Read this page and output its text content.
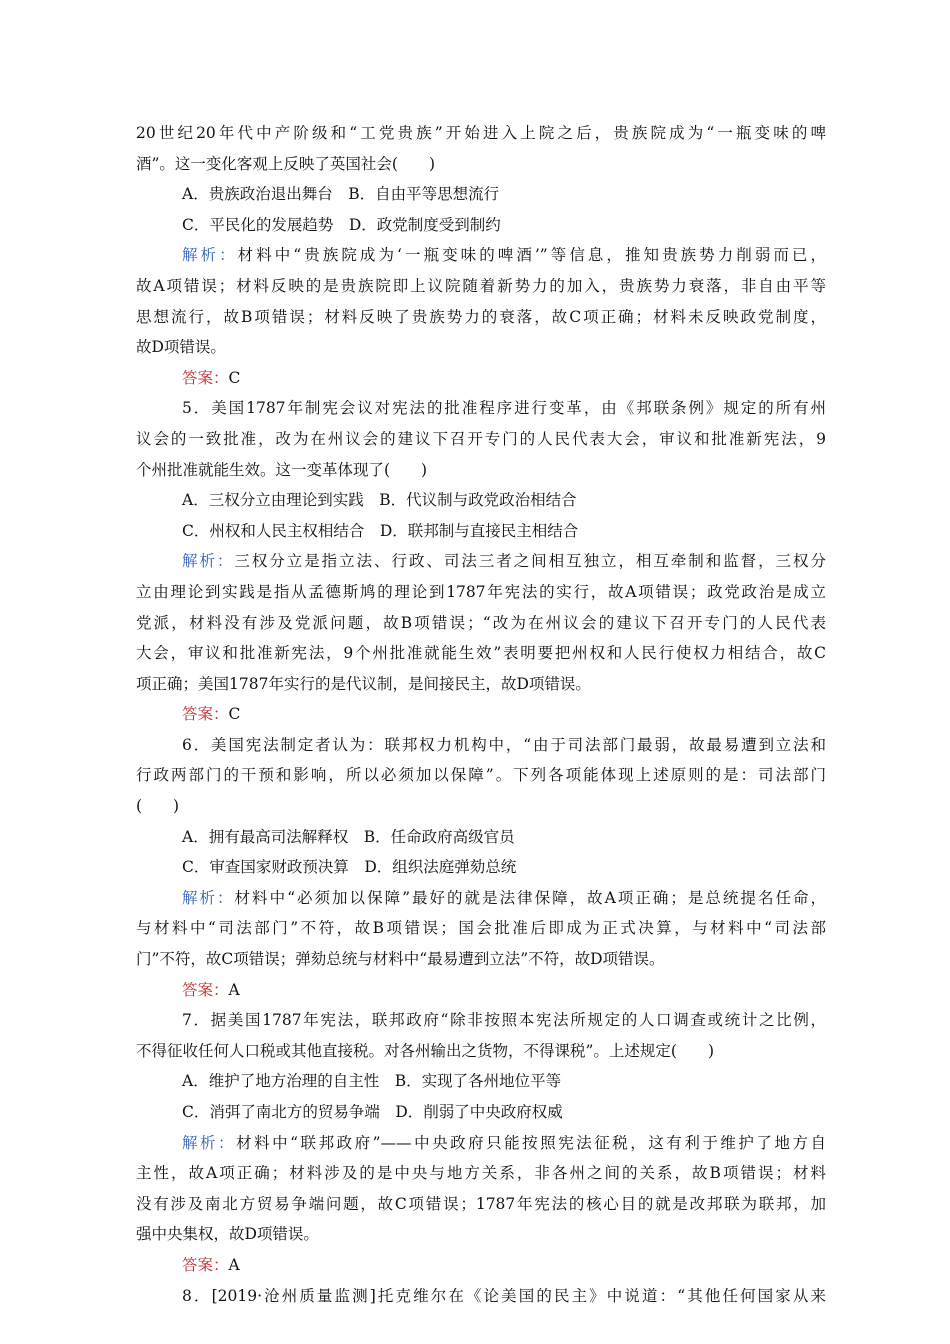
20世纪20年代中产阶级和“工党贵族”开始进入上院之后，贵族院成为“一瓶变味的啤
酒”。这一变化客观上反映了英国社会(　　)
A．贵族政治退出舞台　B．自由平等思想流行
C．平民化的发展趋势　D．政党制度受到制约
解析：材料中“贵族院成为‘一瓶变味的啤酒’”等信息，推知贵族势力削弱而已，
故A项错误；材料反映的是贵族院即上议院随着新势力的加入，贵族势力衰落，非自由平等
思想流行，故B项错误；材料反映了贵族势力的衰落，故C项正确；材料未反映政党制度，
故D项错误。
答案：C
5．美国1787年制宪会议对宪法的批准程序进行变革，由《邦联条例》规定的所有州
议会的一致批准，改为在州议会的建议下召开专门的人民代表大会，审议和批准新宪法，9
个州批准就能生效。这一变革体现了(　　)
A．三权分立由理论到实践　B．代议制与政党政治相结合
C．州权和人民主权相结合　D．联邦制与直接民主相结合
解析：三权分立是指立法、行政、司法三者之间相互独立，相互牵制和监督，三权分
立由理论到实践是指从孟德斯鸠的理论到1787年宪法的实行，故A项错误；政党政治是成立
党派，材料没有涉及党派问题，故B项错误；“改为在州议会的建议下召开专门的人民代表
大会，审议和批准新宪法，9个州批准就能生效”表明要把州权和人民行使权力相结合，故C
项正确；美国1787年实行的是代议制，是间接民主，故D项错误。
答案：C
6．美国宪法制定者认为：联邦权力机构中，“由于司法部门最弱，故最易遭到立法和
行政两部门的干预和影响，所以必须加以保障”。下列各项能体现上述原则的是：司法部门
(　　)
A．拥有最高司法解释权　B．任命政府高级官员
C．审查国家财政预决算　D．组织法庭弹劾总统
解析：材料中“必须加以保障”最好的就是法律保障，故A项正确；是总统提名任命，
与材料中“司法部门”不符，故B项错误；国会批准后即成为正式决算，与材料中“司法部
门”不符，故C项错误；弹劾总统与材料中“最易遭到立法”不符，故D项错误。
答案：A
7．据美国1787年宪法，联邦政府“除非按照本宪法所规定的人口调查或统计之比例，
不得征收任何人口税或其他直接税。对各州输出之货物，不得课税”。上述规定(　　)
A．维护了地方治理的自主性　B．实现了各州地位平等
C．消弭了南北方的贸易争端　D．削弱了中央政府权威
解析：材料中“联邦政府”——中央政府只能按照宪法征税，这有利于维护了地方自
主性，故A项正确；材料涉及的是中央与地方关系，非各州之间的关系，故B项错误；材料
没有涉及南北方贸易争端问题，故C项错误；1787年宪法的核心目的就是改邦联为联邦，加
强中央集权，故D项错误。
答案：A
8．[2019·沧州质量监测]托克维尔在《论美国的民主》中说道：“其他任何国家从来
